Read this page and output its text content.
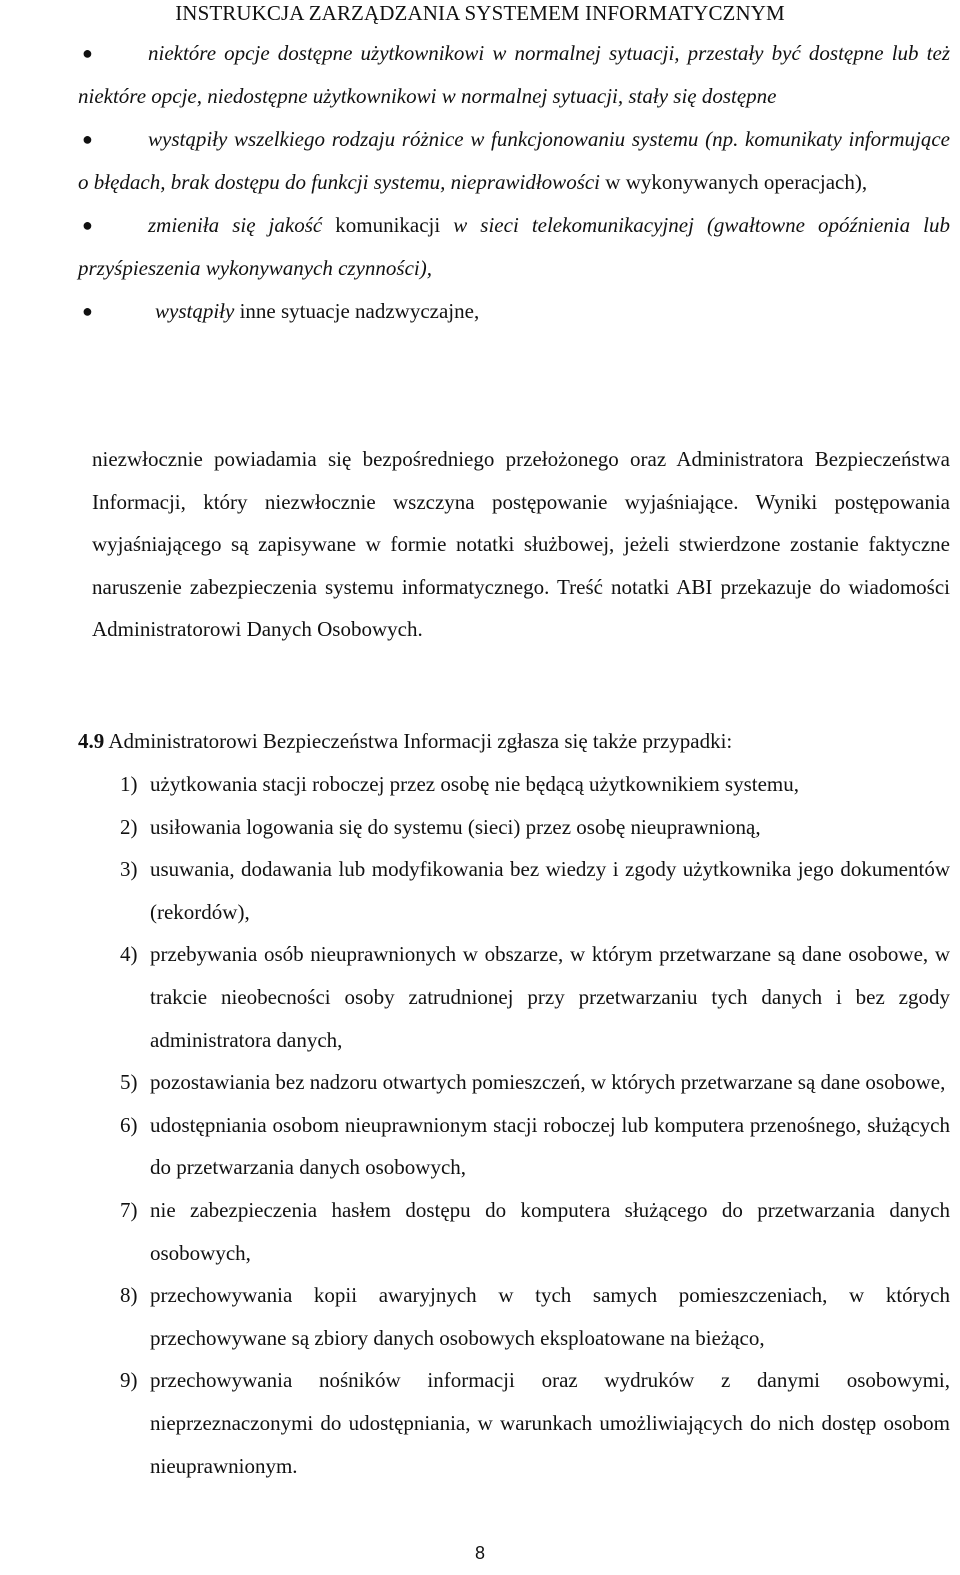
INSTRUKCJA ZARZĄDZANIA SYSTEMEM INFORMATYCZNYM
●	niektóre opcje dostępne użytkownikowi w normalnej sytuacji, przestały być dostępne lub też niektóre opcje, niedostępne użytkownikowi w normalnej sytuacji, stały się dostępne
●	wystąpiły wszelkiego rodzaju różnice w funkcjonowaniu systemu (np. komunikaty informujące o błędach, brak dostępu do funkcji systemu, nieprawidłowości w wykonywanych operacjach),
●	zmieniła się jakość komunikacji w sieci telekomunikacyjnej (gwałtowne opóźnienia lub przyśpieszenia wykonywanych czynności),
●	wystąpiły inne sytuacje nadzwyczajne,
niezwłocznie powiadamia się bezpośredniego przełożonego oraz Administratora Bezpieczeństwa Informacji, który niezwłocznie wszczyna postępowanie wyjaśniające. Wyniki postępowania wyjaśniającego są zapisywane w formie notatki służbowej, jeżeli stwierdzone zostanie faktyczne naruszenie zabezpieczenia systemu informatycznego. Treść notatki ABI przekazuje do wiadomości Administratorowi Danych Osobowych.
4.9 Administratorowi Bezpieczeństwa Informacji zgłasza się także przypadki:
1) użytkowania stacji roboczej przez osobę nie będącą użytkownikiem systemu,
2) usiłowania logowania się do systemu (sieci) przez osobę nieuprawnioną,
3) usuwania, dodawania lub modyfikowania bez wiedzy i zgody użytkownika jego dokumentów (rekordów),
4) przebywania osób nieuprawnionych w obszarze, w którym przetwarzane są dane osobowe, w trakcie nieobecności osoby zatrudnionej przy przetwarzaniu tych danych i bez zgody administratora danych,
5) pozostawiania bez nadzoru otwartych pomieszczeń, w których przetwarzane są dane osobowe,
6) udostępniania osobom nieuprawnionym stacji roboczej lub komputera przenośnego, służących do przetwarzania danych osobowych,
7) nie zabezpieczenia hasłem dostępu do komputera służącego do przetwarzania danych osobowych,
8) przechowywania kopii awaryjnych w tych samych pomieszczeniach, w których przechowywane są zbiory danych osobowych eksploatowane na bieżąco,
9) przechowywania nośników informacji oraz wydruków z danymi osobowymi, nieprzeznaczonymi do udostępniania, w warunkach umożliwiających do nich dostęp osobom nieuprawnionym.
8
